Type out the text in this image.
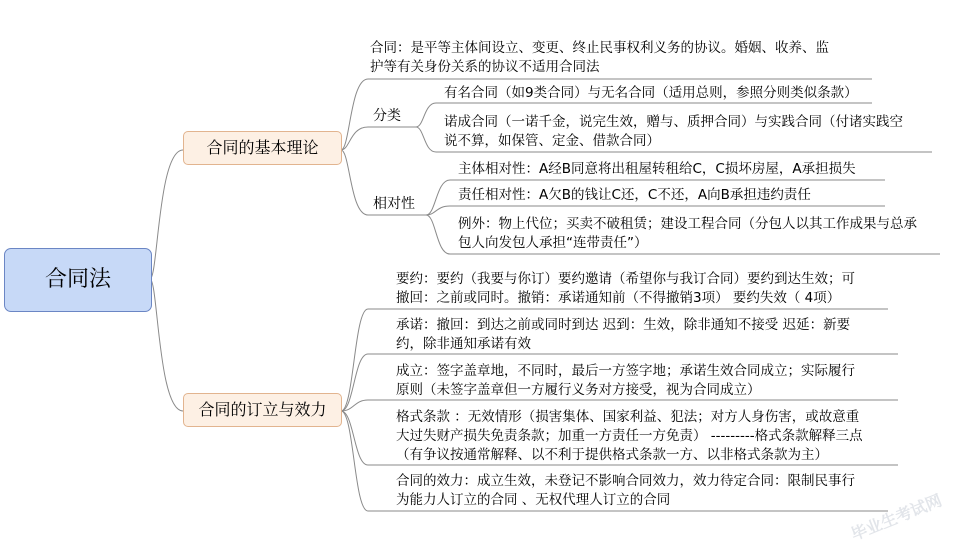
合同法
合同的基本理论
合同：是平等主体间设立、变更、终止民事权利义务的协议。婚姻、收养、监
护等有关身份关系的协议不适用合同法
分类
有名合同（如9类合同）与无名合同（适用总则，参照分则类似条款）
诺成合同（一诺千金，说完生效，赠与、质押合同）与实践合同（付诸实践空
说不算，如保管、定金、借款合同）
相对性
主体相对性：A经B同意将出租屋转租给C，C损坏房屋，A承担损失
责任相对性：A欠B的钱让C还，C不还，A向B承担违约责任
例外：物上代位；买卖不破租赁；建设工程合同（分包人以其工作成果与总承
包人向发包人承担“连带责任”）
合同的订立与效力
要约：要约（我要与你订）要约邀请（希望你与我订合同）要约到达生效；可
撤回：之前或同时。撤销：承诺通知前（不得撤销3项） 要约失效（ 4项）
承诺：撤回：到达之前或同时到达 迟到：生效，除非通知不接受 迟延：新要
约，除非通知承诺有效
成立：签字盖章地，不同时，最后一方签字地；承诺生效合同成立；实际履行
原则（未签字盖章但一方履行义务对方接受，视为合同成立）
格式条款 ：无效情形（损害集体、国家利益、犯法；对方人身伤害，或故意重
大过失财产损失免责条款；加重一方责任一方免责） ---------格式条款解释三点
（有争议按通常解释、以不利于提供格式条款一方、以非格式条款为主）
合同的效力：成立生效，未登记不影响合同效力，效力待定合同：限制民事行
为能力人订立的合同 、无权代理人订立的合同	毕业生考试网
